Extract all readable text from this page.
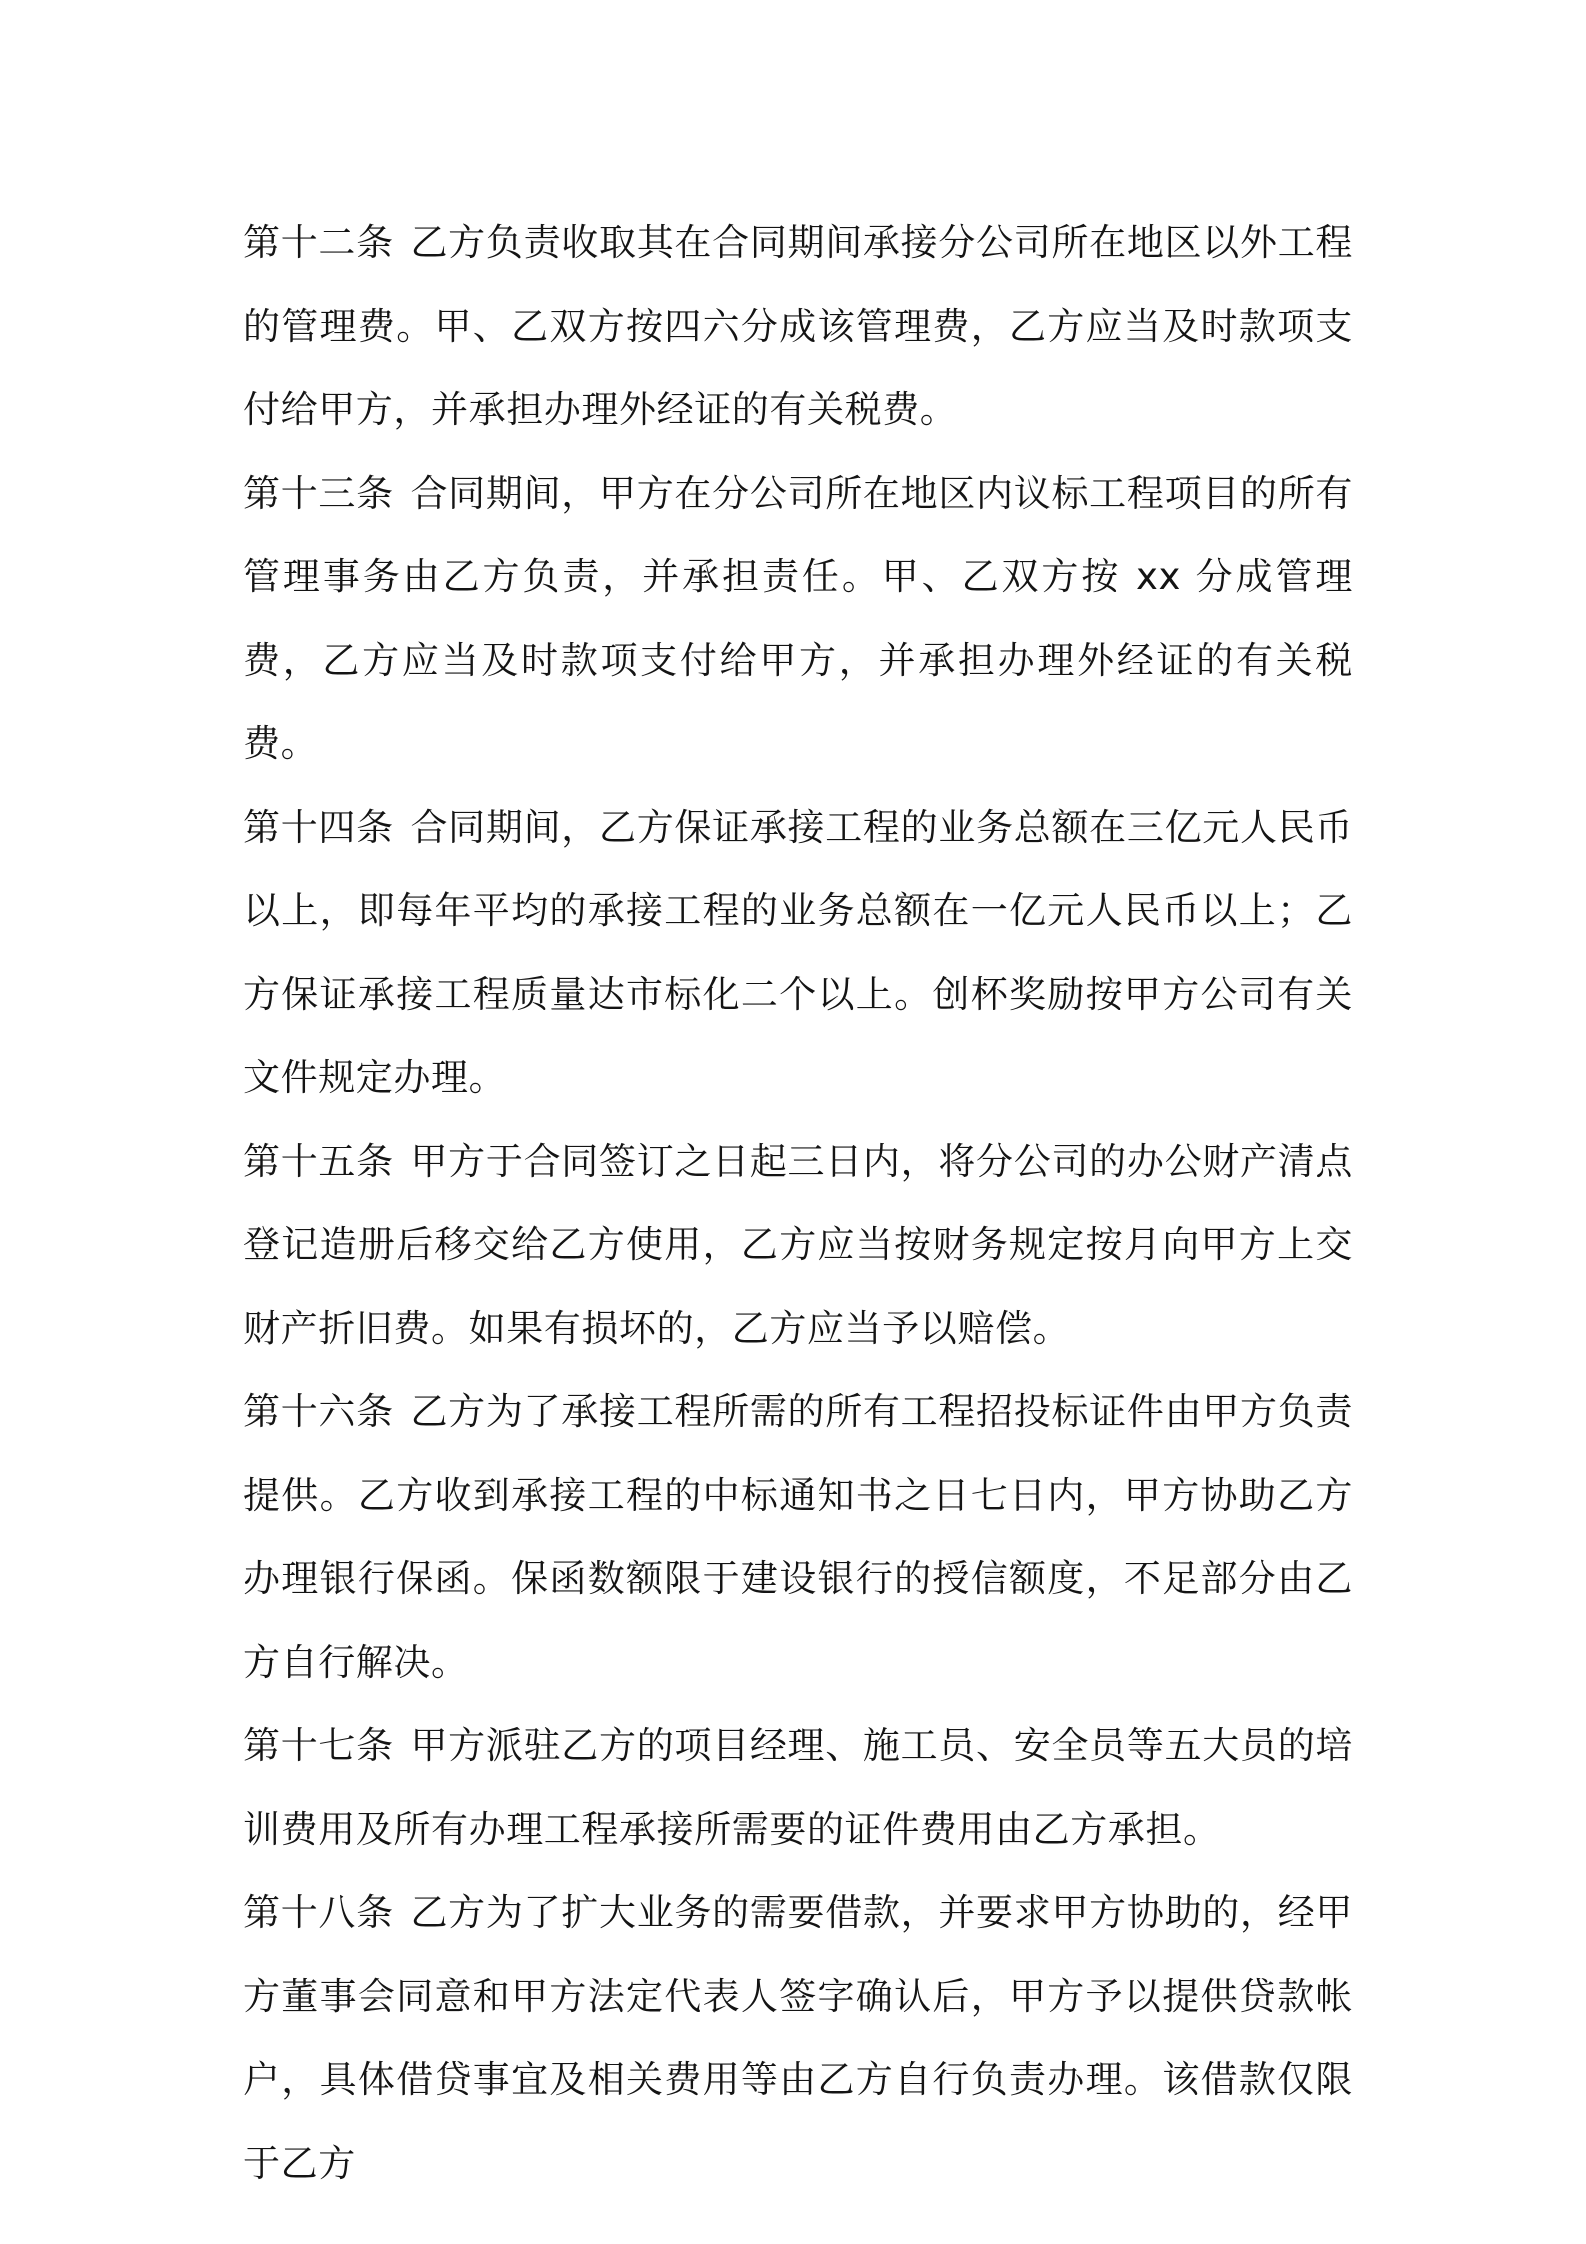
第十二条 乙方负责收取其在合同期间承接分公司所在地区以外工程的管理费。甲、乙双方按四六分成该管理费，乙方应当及时款项支付给甲方，并承担办理外经证的有关税费。

第十三条 合同期间，甲方在分公司所在地区内议标工程项目的所有管理事务由乙方负责，并承担责任。甲、乙双方按 xx 分成管理费，乙方应当及时款项支付给甲方，并承担办理外经证的有关税费。

第十四条 合同期间，乙方保证承接工程的业务总额在三亿元人民币以上，即每年平均的承接工程的业务总额在一亿元人民币以上；乙方保证承接工程质量达市标化二个以上。创杯奖励按甲方公司有关文件规定办理。

第十五条 甲方于合同签订之日起三日内，将分公司的办公财产清点登记造册后移交给乙方使用，乙方应当按财务规定按月向甲方上交财产折旧费。如果有损坏的，乙方应当予以赔偿。

第十六条 乙方为了承接工程所需的所有工程招投标证件由甲方负责提供。乙方收到承接工程的中标通知书之日七日内，甲方协助乙方办理银行保函。保函数额限于建设银行的授信额度，不足部分由乙方自行解决。

第十七条 甲方派驻乙方的项目经理、施工员、安全员等五大员的培训费用及所有办理工程承接所需要的证件费用由乙方承担。

第十八条 乙方为了扩大业务的需要借款，并要求甲方协助的，经甲方董事会同意和甲方法定代表人签字确认后，甲方予以提供贷款帐户，具体借贷事宜及相关费用等由乙方自行负责办理。该借款仅限于乙方
